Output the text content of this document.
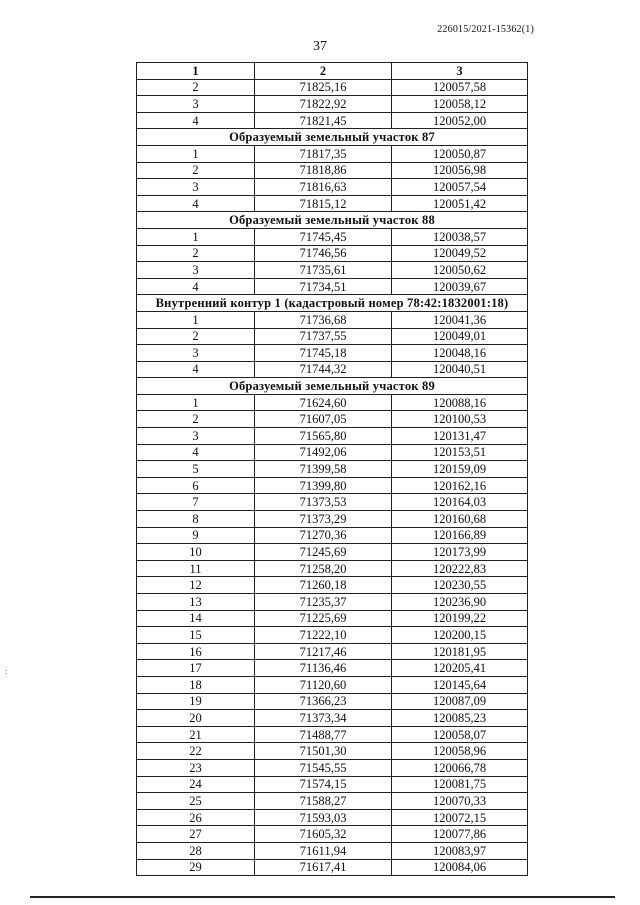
226015/2021-15362(1)
37
:
1	2	3
2	71825,16	120057,58
3	71822,92	120058,12
4	71821,45	120052,00
Образуемый земельный участок 87		
1	71817,35	120050,87
2	71818,86	120056,98
3	71816,63	120057,54
4	71815,12	120051,42
Образуемый земельный участок 88		
1	71745,45	120038,57
2	71746,56	120049,52
3	71735,61	120050,62
4	71734,51	120039,67
Внутренний контур 1 (кадастровый номер 78:42:1832001:18)		
1	71736,68	120041,36
2	71737,55	120049,01
3	71745,18	120048,16
4	71744,32	120040,51
Образуемый земельный участок 89		
1	71624,60	120088,16
2	71607,05	120100,53
3	71565,80	120131,47
4	71492,06	120153,51
5	71399,58	120159,09
6	71399,80	120162,16
7	71373,53	120164,03
8	71373,29	120160,68
9	71270,36	120166,89
10	71245,69	120173,99
11	71258,20	120222,83
12	71260,18	120230,55
13	71235,37	120236,90
14	71225,69	120199,22
15	71222,10	120200,15
16	71217,46	120181,95
17	71136,46	120205,41
18	71120,60	120145,64
19	71366,23	120087,09
20	71373,34	120085,23
21	71488,77	120058,07
22	71501,30	120058,96
23	71545,55	120066,78
24	71574,15	120081,75
25	71588,27	120070,33
26	71593,03	120072,15
27	71605,32	120077,86
28	71611,94	120083,97
29	71617,41	120084,06
